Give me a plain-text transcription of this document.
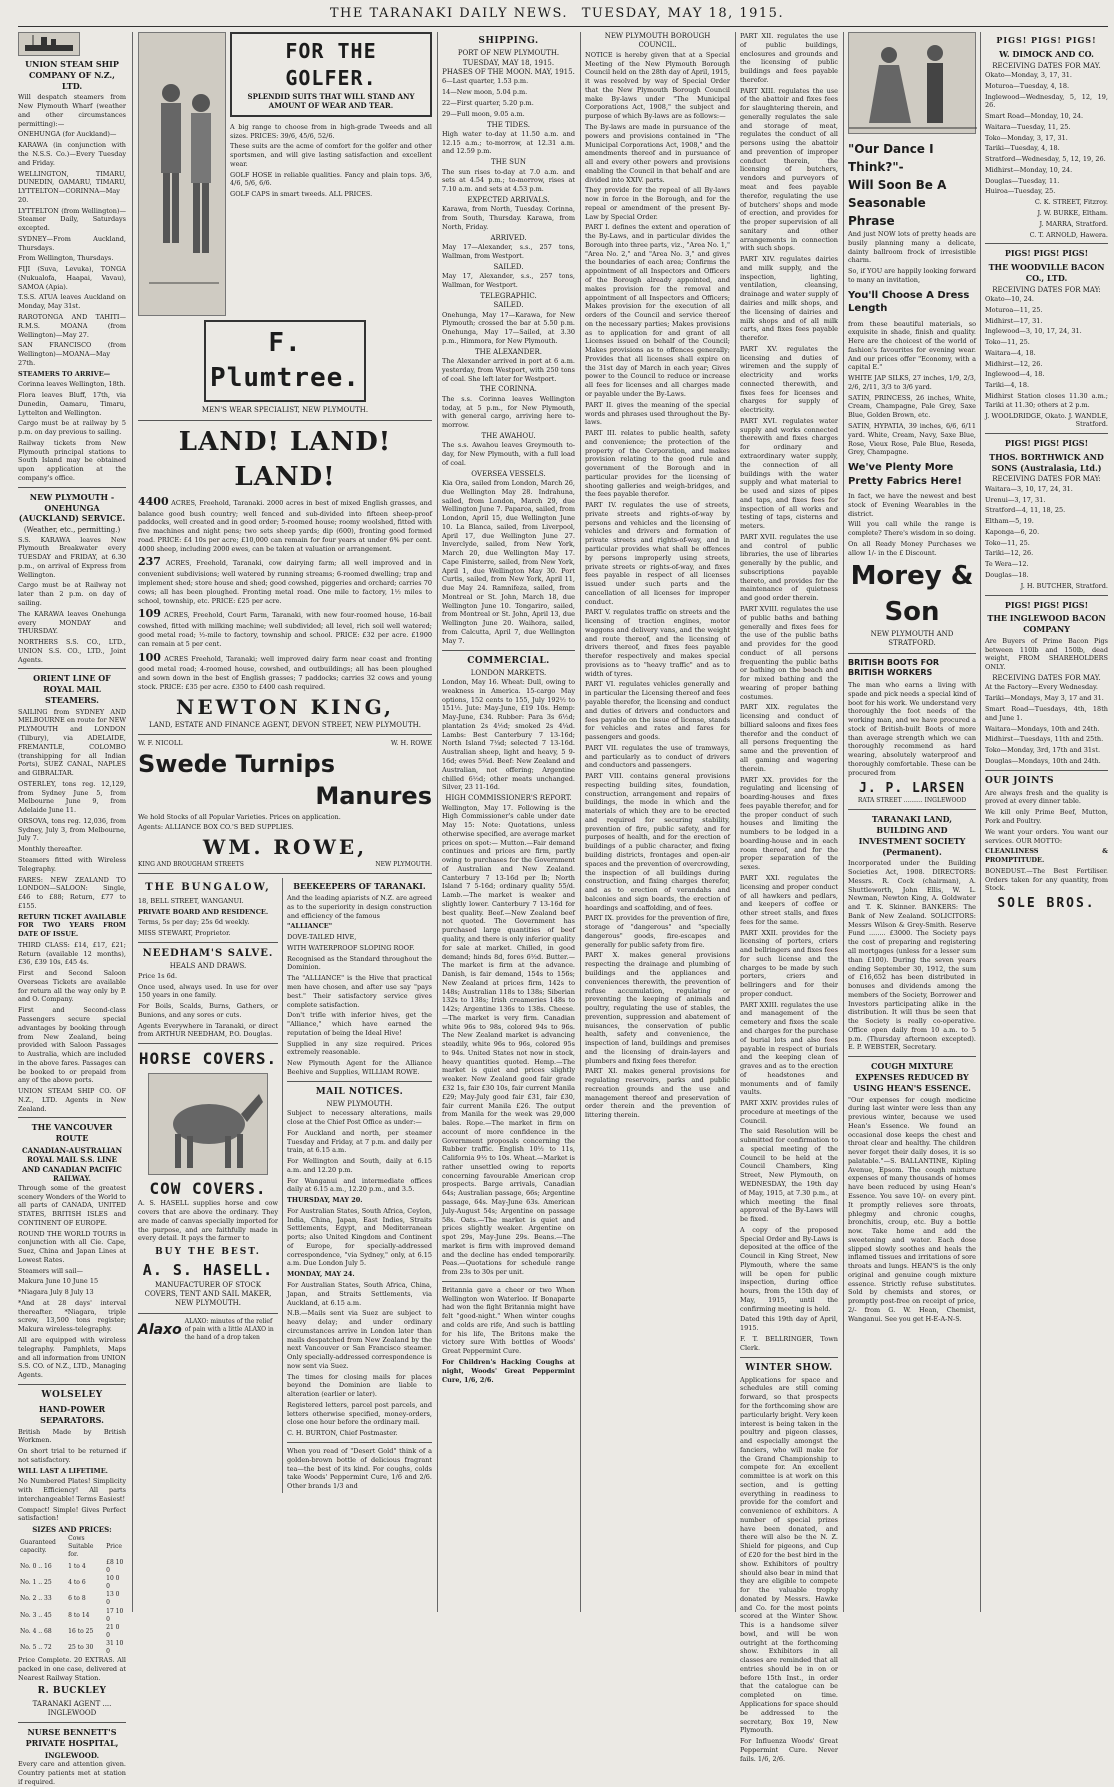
THE TARANAKI DAILY NEWS. TUESDAY, MAY 18, 1915.
UNION STEAM SHIP COMPANY OF N.Z., LTD.

Will despatch steamers from New Plymouth Wharf (weather and other circumstances permitting):—

ONEHUNGA (for Auckland)—

KARAWA (in conjunction with the N.S.S. Co.)—Every Tuesday and Friday.

WELLINGTON, TIMARU, DUNEDIN, OAMARU, TIMARU, LYTTELTON—CORINNA—May 20.

LYTTELTON (from Wellington)—Steamer Daily, Saturdays excepted.

SYDNEY—From Auckland, Thursdays.

From Wellington, Thursdays.

FIJI (Suva, Levuka), TONGA (Nukualofa, Haapai, Vavau), SAMOA (Apia).

T.S.S. ATUA leaves Auckland on Monday, May 31st.

RAROTONGA AND TAHITI—R.M.S. MOANA (from Wellington)—May 27.

SAN FRANCISCO (from Wellington)—MOANA—May 27th.

STEAMERS TO ARRIVE—

Corinna leaves Wellington, 18th.

Flora leaves Bluff, 17th, via Dunedin, Oamaru, Timaru, Lyttelton and Wellington.

Cargo must be at railway by 5 p.m. on day previous to sailing.

Railway tickets from New Plymouth principal stations to South Island may be obtained upon application at the company's office.

NEW PLYMOUTH - ONEHUNGA (AUCKLAND) SERVICE.
(Weather, etc., permitting.)

S.S. KARAWA leaves New Plymouth Breakwater every TUESDAY and FRIDAY, at 6.30 p.m., on arrival of Express from Wellington.

Cargo must be at Railway not later than 2 p.m. on day of sailing.

The KARAWA leaves Onehunga every MONDAY and THURSDAY.

NORTHERS S.S. CO., LTD., UNION S.S. CO., LTD., Joint Agents.

ORIENT LINE OF ROYAL MAIL STEAMERS.

SAILING from SYDNEY AND MELBOURNE en route for NEW PLYMOUTH and LONDON (Tilbury), via ADELAIDE, FREMANTLE, COLOMBO (transhipping for all Indian Ports), SUEZ CANAL, NAPLES and GIBRALTAR.

OSTERLEY, tons reg. 12,129, from Sydney June 5, from Melbourne June 9, from Adelaide June 11.

ORSOVA, tons reg. 12,036, from Sydney, July 3, from Melbourne, July 7.

Monthly thereafter.

Steamers fitted with Wireless Telegraphy.

FARES: NEW ZEALAND TO LONDON—SALOON: Single, £46 to £88; Return, £77 to £155.

RETURN TICKET AVAILABLE FOR TWO YEARS FROM DATE OF ISSUE.

THIRD CLASS: £14, £17, £21; Return (available 12 months), £36, £39 10s, £45 4s.

First and Second Saloon Overseas Tickets are available for return all the way only by P. and O. Company.

First and Second-class Passengers secure special advantages by booking through from New Zealand, being provided with Saloon Passages to Australia, which are included in the above fares. Passages can be booked to or prepaid from any of the above ports.

UNION STEAM SHIP CO. OF N.Z., LTD. Agents in New Zealand.

THE VANCOUVER ROUTE
CANADIAN-AUSTRALIAN ROYAL MAIL S.S. LINE AND CANADIAN PACIFIC RAILWAY.

Through some of the greatest scenery Wonders of the World to all parts of CANADA, UNITED STATES, BRITISH ISLES and CONTINENT OF EUROPE.

ROUND THE WORLD TOURS in conjunction with all Cie. Cape, Suez, China and Japan Lines at Lowest Rates.

Steamers will sail—

Makura June 10 June 15

*Niagara July 8 July 13

*And at 28 days' interval thereafter. *Niagara, triple screw, 13,500 tons register; Makura wireless-telegraphy.

All are equipped with wireless telegraphy. Pamphlets, Maps and all information from UNION S.S. CO. of N.Z., LTD., Managing Agents.

WOLSELEY
HAND-POWER SEPARATORS.

British Made by British Workmen.

On short trial to be returned if not satisfactory.

WILL LAST A LIFETIME.

No Numbered Plates! Simplicity with Efficiency! All parts interchangeable! Terms Easiest!

Compact! Simple! Gives Perfect satisfaction!

SIZES AND PRICES:
Guaranteed capacity.	Cows Suitable for.	Price
No. 0 .. 16	1 to 4	£8 10 0
No. 1 .. 25	4 to 6	10 0 0
No. 2 .. 33	6 to 8	13 0 0
No. 3 .. 45	8 to 14	17 10 0
No. 4 .. 68	16 to 25	21 0 0
No. 5 .. 72	25 to 30	31 10 0

Price Complete. 20 EXTRAS. All packed in one case, delivered at Nearest Railway Station.

R. BUCKLEY
TARANAKI AGENT .... INGLEWOOD
NURSE BENNETT'S PRIVATE HOSPITAL,
INGLEWOOD.

Every care and attention given. Country patients met at station if required.

FOR THE GOLFER.
SPLENDID SUITS THAT WILL STAND ANY AMOUNT OF WEAR AND TEAR.

A big range to choose from in high-grade Tweeds and all sizes. PRICES: 39/6, 45/6, 52/6.

These suits are the acme of comfort for the golfer and other sportsmen, and will give lasting satisfaction and excellent wear.

GOLF HOSE in reliable qualities. Fancy and plain tops. 3/6, 4/6, 5/6, 6/6.

GOLF CAPS in smart tweeds. ALL PRICES.

F. Plumtree.
MEN'S WEAR SPECIALIST, NEW PLYMOUTH.
LAND! LAND! LAND!

4400 ACRES, Freehold, Taranaki. 2000 acres in best of mixed English grasses, and balance good bush country; well fenced and sub-divided into fifteen sheep-proof paddocks, well created and in good order; 5-roomed house; roomy woolshed, fitted with five machines and night pens; two sets sheep yards; dip (600), fronting good formed road. PRICE: £4 10s per acre; £10,000 can remain for four years at under 6% per cent. 4000 sheep, including 2000 ewes, can be taken at valuation or arrangement.

237 ACRES, Freehold, Taranaki, cow dairying farm; all well improved and in convenient subdivisions; well watered by running streams; 6-roomed dwelling; trap and implement shed; store house and shed; good cowshed, piggeries and orchard; carries 70 cows; all has been ploughed. Fronting metal road. One mile to factory, 1½ miles to school, township, etc. PRICE: £25 per acre.

109 ACRES, Freehold, Court Farm, Taranaki, with new four-roomed house, 16-bail cowshed, fitted with milking machine; well subdivided; all level, rich soil well watered; good metal road; ½-mile to factory, township and school. PRICE: £32 per acre. £1900 can remain at 5 per cent.

100 ACRES Freehold, Taranaki; well improved dairy farm near coast and fronting good metal road; 4-roomed house, cowshed, and outbuildings; all has been ploughed and sown down in the best of English grasses; 7 paddocks; carries 32 cows and young stock. PRICE: £35 per acre. £350 to £400 cash required.

NEWTON KING,
LAND, ESTATE AND FINANCE AGENT, DEVON STREET, NEW PLYMOUTH.
W. F. NICOLL	W. H. ROWE
Swede Turnips
Manures

We hold Stocks of all Popular Varieties. Prices on application.

Agents: ALLIANCE BOX CO.'S BED SUPPLIES.

WM. ROWE,
KING AND BROUGHAM STREETS	NEW PLYMOUTH.
THE BUNGALOW,

18, BELL STREET, WANGANUI.

PRIVATE BOARD AND RESIDENCE.

Terms, 5s per day; 25s 6d weekly.

MISS STEWART, Proprietor.

NEEDHAM'S SALVE.
HEALS AND DRAWS.

Price 1s 6d.

Once used, always used. In use for over 150 years in one family.

For Boils, Scalds, Burns, Gathers, or Bunions, and any sores or cuts.

Agents Everywhere in Taranaki, or direct from ARTHUR NEEDHAM, P.O. Douglas.

HORSE COVERS.
COW COVERS.

A. S. HASELL supplies horse and cow covers that are above the ordinary. They are made of canvas specially imported for the purpose, and are faithfully made in every detail. It pays the farmer to

BUY THE BEST.
A. S. HASELL.
MANUFACTURER OF STOCK COVERS, TENT AND SAIL MAKER, NEW PLYMOUTH.
Alaxo
ALAXO: minutes of the relief of pain with a little ALAXO in the hand of a drop taken
BEEKEEPERS OF TARANAKI.

And the leading apiarists of N.Z. are agreed as to the superiority in design construction and efficiency of the famous

"ALLIANCE"

DOVE-TAILED HIVE,

WITH WATERPROOF SLOPING ROOF.

Recognised as the Standard throughout the Dominion.

The "ALLIANCE" is the Hive that practical men have chosen, and after use say "pays best." Their satisfactory service gives complete satisfaction.

Don't trifle with inferior hives, get the "Alliance," which have earned the reputation of being the Ideal Hive!

Supplied in any size required. Prices extremely reasonable.

New Plymouth Agent for the Alliance Beehive and Supplies, WILLIAM ROWE.

MAIL NOTICES.
NEW PLYMOUTH.

Subject to necessary alterations, mails close at the Chief Post Office as under:—

For Auckland and north, per steamer Tuesday and Friday, at 7 p.m. and daily per train, at 6.15 a.m.

For Wellington and South, daily at 6.15 a.m. and 12.20 p.m.

For Wanganui and intermediate offices daily at 6.15 a.m., 12.20 p.m., and 3.5.

THURSDAY, MAY 20.

For Australian States, South Africa, Ceylon, India, China, Japan, East Indies, Straits Settlements, Egypt, and Mediterranean ports; also United Kingdom and Continent of Europe, for specially-addressed correspondence, "via Sydney," only, at 6.15 a.m. Due London July 5.

MONDAY, MAY 24.

For Australian States, South Africa, China, Japan, and Straits Settlements, via Auckland, at 6.15 a.m.

N.B.—Mails sent via Suez are subject to heavy delay; and under ordinary circumstances arrive in London later than mails despatched from New Zealand by the next Vancouver or San Francisco steamer. Only specially-addressed correspondence is now sent via Suez.

The times for closing mails for places beyond the Dominion are liable to alteration (earlier or later).

Registered letters, parcel post parcels, and letters otherwise specified, money-orders, close one hour before the ordinary mail.

C. H. BURTON, Chief Postmaster.

When you read of "Desert Gold" think of a golden-brown bottle of delicious fragrant tea—the best of its kind. For coughs, colds take Woods' Peppermint Cure, 1/6 and 2/6. Other brands 1/3 and

SHIPPING.
PORT OF NEW PLYMOUTH.
TUESDAY, MAY 18, 1915.
PHASES OF THE MOON. MAY, 1915.

6—Last quarter, 1.53 p.m.

14—New moon, 5.04 p.m.

22—First quarter, 5.20 p.m.

29—Full moon, 9.05 a.m.

THE TIDES.

High water to-day at 11.50 a.m. and 12.15 a.m.; to-morrow, at 12.31 a.m. and 12.59 p.m.

THE SUN

The sun rises to-day at 7.0 a.m. and sets at 4.54 p.m.; to-morrow, rises at 7.10 a.m. and sets at 4.53 p.m.

EXPECTED ARRIVALS.

Karawa, from North, Tuesday. Corinna, from South, Thursday. Karawa, from North, Friday.

ARRIVED.

May 17—Alexander, s.s., 257 tons, Wallman, from Westport.

SAILED.

May 17, Alexander, s.s., 257 tons, Wallman, for Westport.

TELEGRAPHIC.
SAILED.

Onehunga, May 17—Karawa, for New Plymouth; crossed the bar at 5.50 p.m. Onehunga, May 17—Sailed, at 3.30 p.m., Himmora, for New Plymouth.

THE ALEXANDER.

The Alexander arrived in port at 6 a.m. yesterday, from Westport, with 250 tons of coal. She left later for Westport.

THE CORINNA.

The s.s. Corinna leaves Wellington today, at 5 p.m., for New Plymouth, with general cargo, arriving here to-morrow.

THE AWAHOU.

The s.s. Awahou leaves Greymouth to-day, for New Plymouth, with a full load of coal.

OVERSEA VESSELS.

Kia Ora, sailed from London, March 26, due Wellington May 28. Indrahuna, sailed, from London, March 29, due Wellington June 7. Paparoa, sailed, from London, April 15, due Wellington June 10. La Blanca, sailed, from Liverpool, April 17, due Wellington June 27. Inverclyde, sailed, from New York, March 20, due Wellington May 17. Cape Finisterre, sailed, from New York, April 1, due Wellington May 30. Port Curtis, sailed, from New York, April 11, due May 24. Ramnifeza, sailed, from Montreal or St. John, March 18, due Wellington June 10. Tongariro, sailed, from Montreal or St. John, April 13, due Wellington June 20. Waihora, sailed, from Calcutta, April 7, due Wellington May 7.

COMMERCIAL.
LONDON MARKETS.

London, May 16. Wheat: Dull, owing to weakness in America. 15-cargo May options, 152 cents to 155, July 192½ to 151½. Jute: May-June, £19 10s. Hemp: May-June, £34. Rubber: Para 3s 6½d; plantation 2s 4½d; smoked 2s 4¼d. Lambs: Best Canterbury 7 13-16d; North Island 7¼d; selected 7 13-16d. Australian sheep, light and heavy, 5 9-16d; ewes 5¾d. Beef: New Zealand and Australian, not offering; Argentine chilled 6½d; other meats unchanged. Silver, 23 11-16d.

HIGH COMMISSIONER'S REPORT.

Wellington, May 17. Following is the High Commissioner's cable under date May 15: Note: Quotations, unless otherwise specified, are average market prices on spot:— Mutton.—Fair demand continues and prices are firm, partly owing to purchases for the Government of Australian and New Zealand. Canterbury 7 13-16d per lb; North Island 7 5-16d; ordinary quality 55/d. Lamb.—The market is weaker and slightly lower. Canterbury 7 13-16d for best quality. Beef.—New Zealand beef not quoted. The Government has purchased large quantities of beef quality, and there is only inferior quality for sale at market. Chilled, in good demand; hinds 8d, fores 6½d. Butter.—The market is firm at the advance. Danish, is fair demand, 154s to 156s; New Zealand at prices firm, 142s to 148s; Australian 118s to 138s; Siberian 132s to 138s; Irish creameries 148s to 142s; Argentine 136s to 138s. Cheese.—The market is very firm. Canadian white 96s to 98s, colored 94s to 96s. The New Zealand market is advancing steadily, white 96s to 96s, colored 95s to 94s. United States not now in stock, heavy quantities quoted. Hemp.—The market is quiet and prices slightly weaker. New Zealand good fair grade £32 1s, fair £30 10s, fair current Manila £29; May-July good fair £31, fair £30, fair current Manila £26. The output from Manila for the week was 29,000 bales. Rope.—The market in firm on account of more confidence in the Government proposals concerning the Rubber traffic. English 10½ to 11s, California 9½ to 10s. Wheat.—Market is rather unsettled owing to reports concerning favourable American crop prospects. Barge arrivals, Canadian 64s; Australian passage, 66s; Argentine passage, 64s. May-June 63s. American July-August 54s; Argentine on passage 58s. Oats.—The market is quiet and prices slightly weaker. Argentine on spot 29s, May-June 29s. Beans.—The market is firm with improved demand and the decline has ended temporarily. Peas.—Quotations for schedule range from 23s to 30s per unit.

Britannia gave a cheer or two When Wellington won Waterloo. If Bonaparte had won the fight Britannia might have felt "good-night." When winter coughs and colds are rife, And such is battling for his life, The Britons make the victory sure With bottles of Woods' Great Peppermint Cure.

For Children's Hacking Coughs at night, Woods' Great Peppermint Cure, 1/6, 2/6.

NEW PLYMOUTH BOROUGH COUNCIL.

NOTICE is hereby given that at a Special Meeting of the New Plymouth Borough Council held on the 28th day of April, 1915, it was resolved by way of Special Order that the New Plymouth Borough Council make By-laws under "The Municipal Corporations Act, 1908," the subject and purpose of which By-laws are as follows:—

The By-laws are made in pursuance of the powers and provisions contained in "The Municipal Corporations Act, 1908," and the amendments thereof and in pursuance of all and every other powers and provisions enabling the Council in that behalf and are divided into XXIV. parts.

They provide for the repeal of all By-laws now in force in the Borough, and for the repeal or amendment of the present By-Law by Special Order.

PART I. defines the extent and operation of the By-Laws, and in particular divides the Borough into three parts, viz., "Area No. 1," "Area No. 2," and "Area No. 3," and gives the boundaries of each area; Confirms the appointment of all Inspectors and Officers of the Borough already appointed, and makes provision for the removal and appointment of all Inspectors and Officers; Makes provision for the execution of all orders of the Council and service thereof on the necessary parties; Makes provisions as to application for and grant of all Licenses issued on behalf of the Council; Makes provisions as to offences generally; Provides that all licenses shall expire on the 31st day of March in each year; Gives power to the Council to reduce or increase all fees for licenses and all charges made or payable under the By-Laws.

PART II. gives the meaning of the special words and phrases used throughout the By-laws.

PART III. relates to public health, safety and convenience; the protection of the property of the Corporation, and makes provision relating to the good rule and government of the Borough and in particular provides for the licensing of shooting galleries and weigh-bridges, and the fees payable therefor.

PART IV. regulates the use of streets, private streets and rights-of-way by persons and vehicles and the licensing of vehicles and drivers and formation of private streets and rights-of-way, and in particular provides what shall be offences by persons improperly using streets, private streets or rights-of-way, and fixes fees payable in respect of all licenses issued under such parts and the cancellation of all licenses for improper conduct.

PART V. regulates traffic on streets and the licensing of traction engines, motor waggons and delivery vans, and the weight and route thereof, and the licensing of drivers thereof, and fixes fees payable therefor respectively and makes special provisions as to "heavy traffic" and as to width of tyres.

PART VI. regulates vehicles generally and in particular the Licensing thereof and fees payable therefor, the licensing and conduct and duties of drivers and conductors and fees payable on the issue of license, stands for vehicles and rates and fares for passengers and goods.

PART VII. regulates the use of tramways, and particularly as to conduct of drivers and conductors and passengers.

PART VIII. contains general provisions respecting building sites, foundation, construction, arrangement and repairs of buildings, the mode in which and the materials of which they are to be erected and required for securing stability, prevention of fire, public safety, and for purposes of health, and for the erection of buildings of a public character, and fixing building districts, frontages and open-air spaces and the prevention of overcrowding, the inspection of all buildings during construction, and fixing charges therefor, and as to erection of verandahs and balconies and sign boards, the erection of hoardings and scaffolding, and of fees.

PART IX. provides for the prevention of fire, storage of "dangerous" and "specially dangerous" goods, fire-escapes and generally for public safety from fire.

PART X. makes general provisions respecting the drainage and plumbing of buildings and the appliances and conveniences therewith, the prevention of refuse accumulation, regulating or preventing the keeping of animals and poultry, regulating the use of stables, the prevention, suppression and abatement of nuisances, the conservation of public health, safety and convenience, the inspection of land, buildings and premises and the licensing of drain-layers and plumbers and fixing fees therefor.

PART XI. makes general provisions for regulating reservoirs, parks and public recreation grounds and the use and management thereof and preservation of order therein and the prevention of littering therein.

PART XII. regulates the use of public buildings, enclosures and grounds and the licensing of public buildings and fees payable therefor.

PART XIII. regulates the use of the abattoir and fixes fees for slaughtering therein, and generally regulates the sale and storage of meat, regulates the conduct of all persons using the abattoir and prevention of improper conduct therein, the licensing of butchers, vendors and purveyors of meat and fees payable therefor, regulating the use of butchers' shops and mode of erection, and provides for the proper supervision of all sanitary and other arrangements in connection with such shops.

PART XIV. regulates dairies and milk supply, and the inspection, lighting, ventilation, cleansing, drainage and water supply of dairies and milk shops, and the licensing of dairies and milk shops and of all milk carts, and fixes fees payable therefor.

PART XV. regulates the licensing and duties of wiremen and the supply of electricity and works connected therewith, and fixes fees for licenses and charges for supply of electricity.

PART XVI. regulates water supply and works connected therewith and fixes charges for ordinary and extraordinary water supply, the connection of all buildings with the water supply and what material to be used and sizes of pipes and taps, and fixes fees for inspection of all works and testing of taps, cisterns and meters.

PART XVII. regulates the use and control of public libraries, the use of libraries generally by the public, and subscriptions payable thereto, and provides for the maintenance of quietness and good order therein.

PART XVIII. regulates the use of public baths and bathing generally and fixes fees for the use of the public baths and provides for the good conduct of all persons frequenting the public baths or bathing on the beach and for mixed bathing and the wearing of proper bathing costumes.

PART XIX. regulates the licensing and conduct of billiard saloons and fixes fees therefor and the conduct of all persons frequenting the same and the prevention of all gaming and wagering therein.

PART XX. provides for the regulating and licensing of boarding-houses and fixes fees payable therefor, and for the proper conduct of such houses and limiting the numbers to be lodged in a boarding-house and in each room thereof, and for the proper separation of the sexes.

PART XXI. regulates the licensing and proper conduct of all hawkers and pedlars, and keepers of coffee or other street stalls, and fixes fees for the same.

PART XXII. provides for the licensing of porters, criers and bellringers and fixes fees for such license and the charges to be made by such porters, criers and bellringers and for their proper conduct.

PART XXIII. regulates the use and management of the cemetery and fixes the scale and charges for the purchase of burial lots and also fees payable in respect of burials and the keeping clean of graves and as to the erection of headstones and monuments and of family vaults.

PART XXIV. provides rules of procedure at meetings of the Council.

The said Resolution will be submitted for confirmation to a special meeting of the Council to be held at the Council Chambers, King Street, New Plymouth, on WEDNESDAY, the 19th day of May, 1915, at 7.30 p.m., at which meeting the final approval of the By-Laws will be fixed.

A copy of the proposed Special Order and By-Laws is deposited at the office of the Council in King Street, New Plymouth, where the same will be open for public inspection, during office hours, from the 15th day of May, 1915, until the confirming meeting is held.

Dated this 19th day of April, 1915.

F. T. BELLRINGER, Town Clerk.

WINTER SHOW.

Applications for space and schedules are still coming forward, so that prospects for the forthcoming show are particularly bright. Very keen interest is being taken in the poultry and pigeon classes, and especially amongst the fanciers, who will make for the Grand Championship to compete for. An excellent committee is at work on this section, and is getting everything in readiness to provide for the comfort and convenience of exhibitors. A number of special prizes have been donated, and there will also be the N. Z. Shield for pigeons, and Cup of £20 for the best bird in the show. Exhibitors of poultry should also bear in mind that they are eligible to compete for the valuable trophy donated by Messrs. Hawke and Co. for the most points scored at the Winter Show. This is a handsome silver bowl, and will be won outright at the forthcoming show. Exhibitors in all classes are reminded that all entries should be in on or before 15th Inst., in order that the catalogue can be completed on time. Applications for space should be addressed to the secretary, Box 19, New Plymouth.

For Influenza Woods' Great Peppermint Cure. Never fails. 1/6, 2/6.

"Our Dance I Think?"-
Will Soon Be A
Seasonable Phrase

And just NOW lots of pretty heads are busily planning many a delicate, dainty ballroom frock of irresistible charm.

So, if YOU are happily looking forward to many an invitation,

You'll Choose A Dress Length

from these beautiful materials, so exquisite in shade, finish and quality. Here are the choicest of the world of fashion's favourites for evening wear. And our prices offer "Economy, with a capital E."

WHITE JAP SILKS, 27 inches, 1/9, 2/3, 2/6, 2/11, 3/3 to 3/6 yard.

SATIN, PRINCESS, 26 inches, White, Cream, Champagne, Pale Grey, Saxe Blue, Golden Brown, etc.

SATIN, HYPATIA, 39 inches, 6/6, 6/11 yard. White, Cream, Navy, Saxe Blue, Rose, Vieux Rose, Pale Blue, Reseda, Grey, Champagne.

We've Plenty More
Pretty Fabrics Here!

In fact, we have the newest and best stock of Evening Wearables in the district.

Will you call while the range is complete? There's wisdom in so doing.

On all Ready Money Purchases we allow 1/- in the £ Discount.

Morey & Son
NEW PLYMOUTH AND STRATFORD.
BRITISH BOOTS FOR BRITISH WORKERS

The man who earns a living with spade and pick needs a special kind of boot for his work. We understand very thoroughly the foot needs of the working man, and we have procured a stock of British-built Boots of more than average strength which we can thoroughly recommend as hard wearing, absolutely waterproof and thoroughly comfortable. These can be procured from

J. P. LARSEN
RATA STREET .......... INGLEWOOD
TARANAKI LAND, BUILDING AND INVESTMENT SOCIETY (Permanent).

Incorporated under the Building Societies Act, 1908. DIRECTORS: Messrs. R. Cock (chairman), A. Shuttleworth, John Ellis, W. L. Newman, Newton King, A. Goldwater and T. K. Skinner. BANKERS: The Bank of New Zealand. SOLICITORS: Messrs Wilson & Grey-Smith. Reserve Fund ........ £3000. The Society pays the cost of preparing and registering all mortgages (unless for a lesser sum than £100). During the seven years ending September 30, 1912, the sum of £16,652 has been distributed in bonuses and dividends among the members of the Society, Borrower and Investors participating alike in the distribution. It will thus be seen that the Society is really co-operative. Office open daily from 10 a.m. to 5 p.m. (Thursday afternoon excepted). E. P. WEBSTER, Secretary.

COUGH MIXTURE EXPENSES REDUCED BY USING HEAN'S ESSENCE.

"Our expenses for cough medicine during last winter were less than any previous winter, because we used Hean's Essence. We found an occasional dose keeps the chest and throat clear and healthy. The children never forget their daily doses, it is so palatable."—S. BALLANTINE, Kipling Avenue, Epsom. The cough mixture expenses of many thousands of homes have been reduced by using Hean's Essence. You save 10/- on every pint. It promptly relieves sore throats, phlegmy and chronic coughs, bronchitis, croup, etc. Buy a bottle now. Take home and add the sweetening and water. Each dose slipped slowly soothes and heals the inflamed tissues and irritations of sore throats and lungs. HEAN'S is the only original and genuine cough mixture essence. Strictly refuse substitutes. Sold by chemists and stores, or promptly post-free on receipt of price, 2/- from G. W. Hean, Chemist, Wanganui. See you get H-E-A-N-S.

PIGS! PIGS! PIGS!
W. DIMOCK AND CO.
RECEIVING DATES FOR MAY.

Okato—Monday, 3, 17, 31.

Moturoa—Tuesday, 4, 18.

Inglewood—Wednesday, 5, 12, 19, 26.

Smart Road—Monday, 10, 24.

Waitara—Tuesday, 11, 25.

Toko—Monday, 3, 17, 31.

Tariki—Tuesday, 4, 18.

Stratford—Wednesday, 5, 12, 19, 26.

Midhirst—Monday, 10, 24.

Douglas—Tuesday, 11.

Huiroa—Tuesday, 25.

C. K. STREET, Fitzroy.

J. W. BURKE, Eltham.

J. MARRA, Stratford.

C. T. ARNOLD, Hawera.

PIGS! PIGS! PIGS!
THE WOODVILLE BACON CO., LTD.
RECEIVING DATES FOR MAY:

Okato—10, 24.

Moturoa—11, 25.

Midhirst—17, 31.

Inglewood—3, 10, 17, 24, 31.

Toko—11, 25.

Waitara—4, 18.

Midhirst—12, 26.

Inglewood—4, 18.

Tariki—4, 18.

Midhirst Station closes 11.30 a.m.; Tariki at 11.30; others at 2 p.m.

J. WOOLDRIDGE, Okato. J. WANDLE, Stratford.

PIGS! PIGS! PIGS!
THOS. BORTHWICK AND SONS (Australasia, Ltd.)
RECEIVING DATES FOR MAY:

Waitara—3, 10, 17, 24, 31.

Urenui—3, 17, 31.

Stratford—4, 11, 18, 25.

Eltham—5, 19.

Kaponga—6, 20.

Toko—11, 25.

Tariki—12, 26.

Te Wera—12.

Douglas—18.

J. H. BUTCHER, Stratford.

PIGS! PIGS! PIGS!
THE INGLEWOOD BACON COMPANY

Are Buyers of Prime Bacon Pigs between 110lb and 150lb, dead weight, FROM SHAREHOLDERS ONLY.

RECEIVING DATES FOR MAY.

At the Factory—Every Wednesday.

Tariki—Mondays, May 3, 17 and 31.

Smart Road—Tuesdays, 4th, 18th and June 1.

Waitara—Mondays, 10th and 24th.

Midhirst—Tuesdays, 11th and 25th.

Toko—Monday, 3rd, 17th and 31st.

Douglas—Mondays, 10th and 24th.

OUR JOINTS

Are always fresh and the quality is proved at every dinner table.

We kill only Prime Beef, Mutton, Pork and Poultry.

We want your orders. You want our services. OUR MOTTO:

CLEANLINESS & PROMPTITUDE.

BONEDUST.—The Best Fertiliser. Orders taken for any quantity, from Stock.

SOLE BROS.
